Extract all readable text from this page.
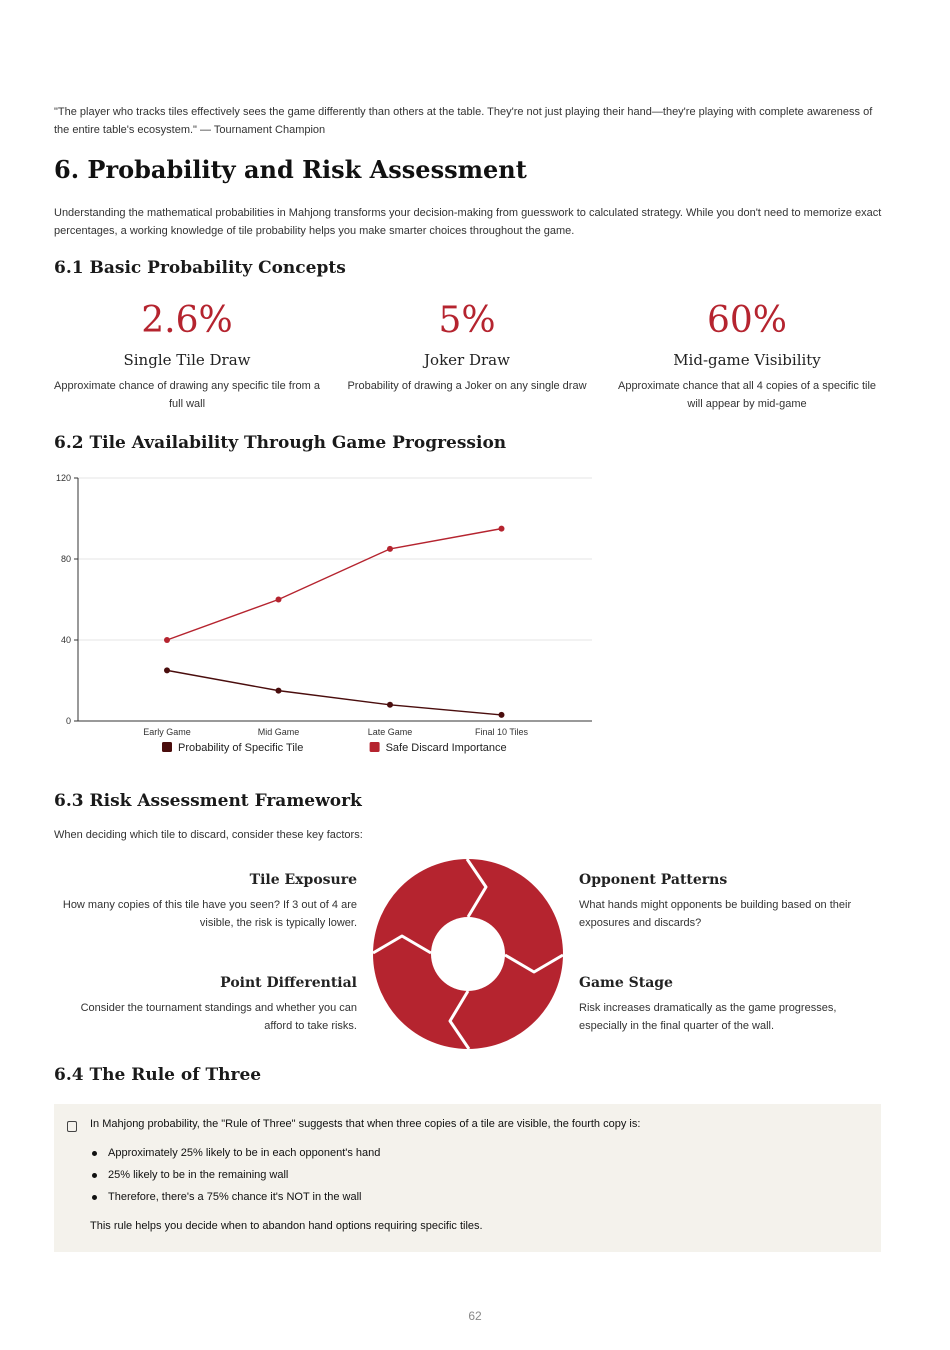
"The player who tracks tiles effectively sees the game differently than others at the table. They're not just playing their hand—they're playing with complete awareness of the entire table's ecosystem." — Tournament Champion
6. Probability and Risk Assessment
Understanding the mathematical probabilities in Mahjong transforms your decision-making from guesswork to calculated strategy. While you don't need to memorize exact percentages, a working knowledge of tile probability helps you make smarter choices throughout the game.
6.1 Basic Probability Concepts
2.6%
Single Tile Draw
Approximate chance of drawing any specific tile from a full wall
5%
Joker Draw
Probability of drawing a Joker on any single draw
60%
Mid-game Visibility
Approximate chance that all 4 copies of a specific tile will appear by mid-game
6.2 Tile Availability Through Game Progression
0
40
80
120
Early Game	Mid Game	Late Game	Final 10 Tiles
Probability of Specific Tile	Safe Discard Importance
6.3 Risk Assessment Framework
When deciding which tile to discard, consider these key factors:
Tile Exposure
How many copies of this tile have you seen? If 3 out of 4 are visible, the risk is typically lower.
Point Differential
Consider the tournament standings and whether you can afford to take risks.
Opponent Patterns
What hands might opponents be building based on their exposures and discards?
Game Stage
Risk increases dramatically as the game progresses, especially in the final quarter of the wall.
6.4 The Rule of Three
In Mahjong probability, the "Rule of Three" suggests that when three copies of a tile are visible, the fourth copy is:
Approximately 25% likely to be in each opponent's hand
25% likely to be in the remaining wall
Therefore, there's a 75% chance it's NOT in the wall
This rule helps you decide when to abandon hand options requiring specific tiles.
62
